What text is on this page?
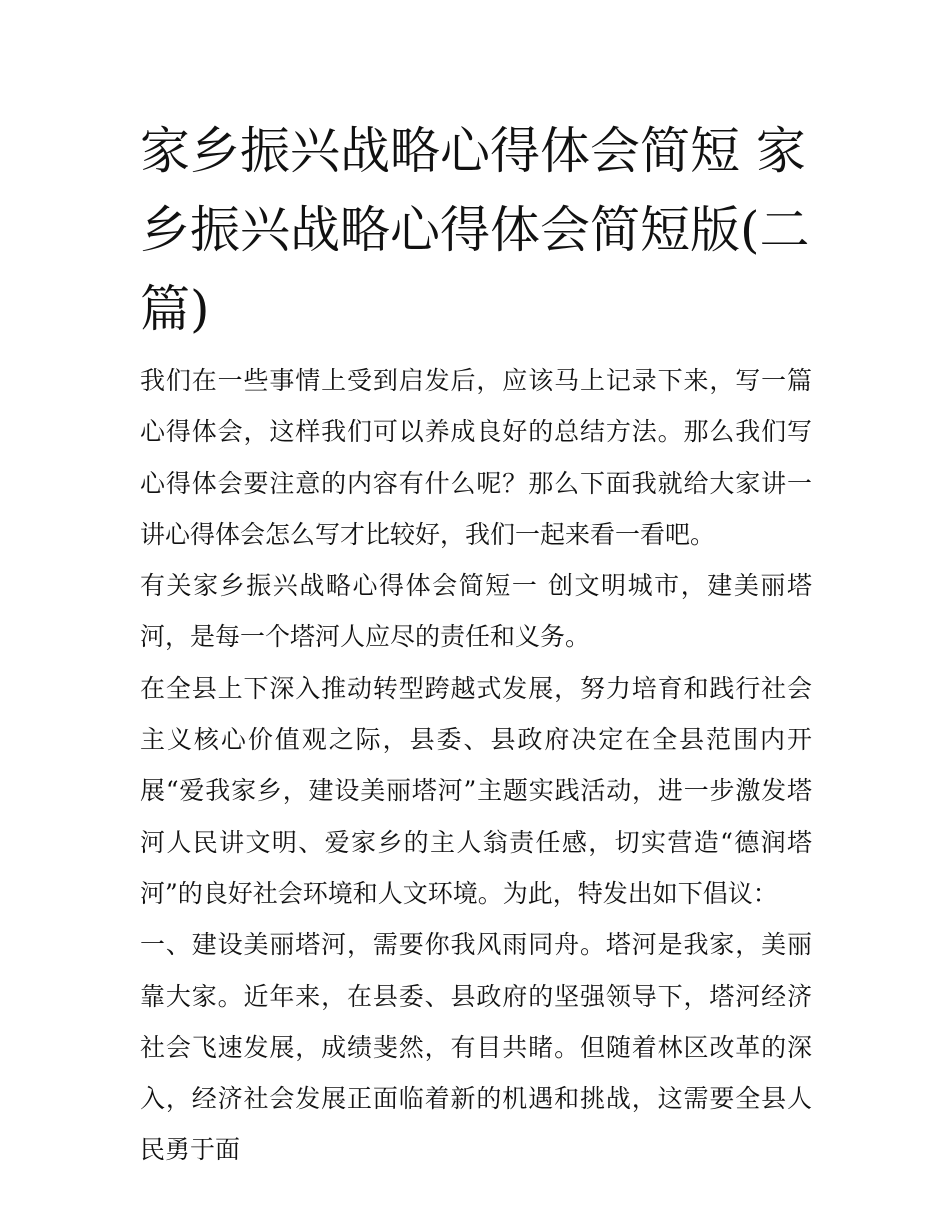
家乡振兴战略心得体会简短 家乡振兴战略心得体会简短版(二篇)

我们在一些事情上受到启发后，应该马上记录下来，写一篇心得体会，这样我们可以养成良好的总结方法。那么我们写心得体会要注意的内容有什么呢？那么下面我就给大家讲一讲心得体会怎么写才比较好，我们一起来看一看吧。

有关家乡振兴战略心得体会简短一 创文明城市，建美丽塔河，是每一个塔河人应尽的责任和义务。

在全县上下深入推动转型跨越式发展，努力培育和践行社会主义核心价值观之际，县委、县政府决定在全县范围内开展“爱我家乡，建设美丽塔河”主题实践活动，进一步激发塔河人民讲文明、爱家乡的主人翁责任感，切实营造“德润塔河”的良好社会环境和人文环境。为此，特发出如下倡议：

一、建设美丽塔河，需要你我风雨同舟。塔河是我家，美丽靠大家。近年来，在县委、县政府的坚强领导下，塔河经济社会飞速发展，成绩斐然，有目共睹。但随着林区改革的深入，经济社会发展正面临着新的机遇和挑战，这需要全县人民勇于面
